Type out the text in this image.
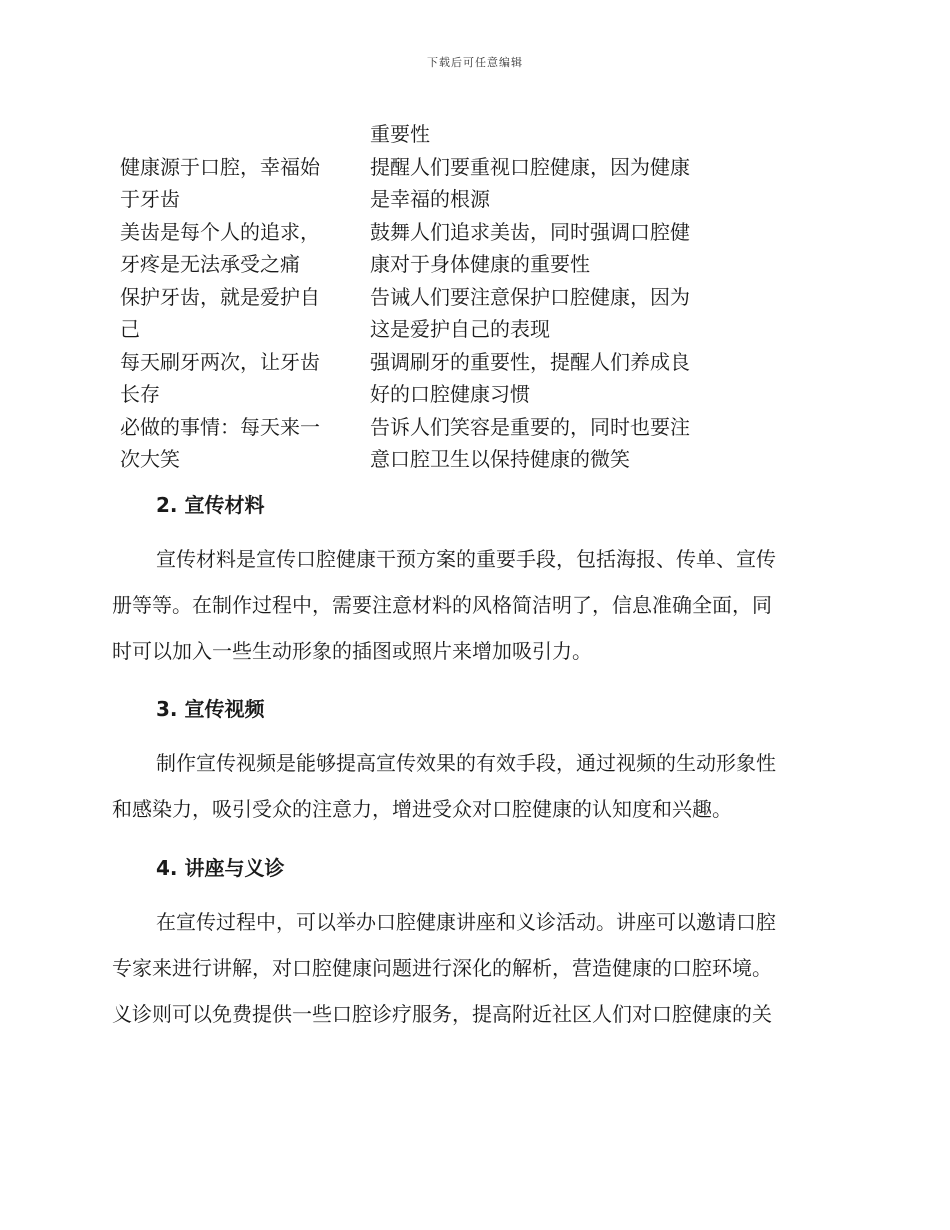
下载后可任意编辑
重要性
健康源于口腔，幸福始
于牙齿
提醒人们要重视口腔健康，因为健康
是幸福的根源
美齿是每个人的追求，
牙疼是无法承受之痛
鼓舞人们追求美齿，同时强调口腔健
康对于身体健康的重要性
保护牙齿，就是爱护自
己
告诫人们要注意保护口腔健康，因为
这是爱护自己的表现
每天刷牙两次，让牙齿
长存
强调刷牙的重要性，提醒人们养成良
好的口腔健康习惯
必做的事情：每天来一
次大笑
告诉人们笑容是重要的，同时也要注
意口腔卫生以保持健康的微笑
2. 宣传材料

宣传材料是宣传口腔健康干预方案的重要手段，包括海报、传单、宣传

册等等。在制作过程中，需要注意材料的风格简洁明了，信息准确全面，同

时可以加入一些生动形象的插图或照片来增加吸引力。

3. 宣传视频

制作宣传视频是能够提高宣传效果的有效手段，通过视频的生动形象性

和感染力，吸引受众的注意力，增进受众对口腔健康的认知度和兴趣。

4. 讲座与义诊

在宣传过程中，可以举办口腔健康讲座和义诊活动。讲座可以邀请口腔

专家来进行讲解，对口腔健康问题进行深化的解析，营造健康的口腔环境。

义诊则可以免费提供一些口腔诊疗服务，提高附近社区人们对口腔健康的关
